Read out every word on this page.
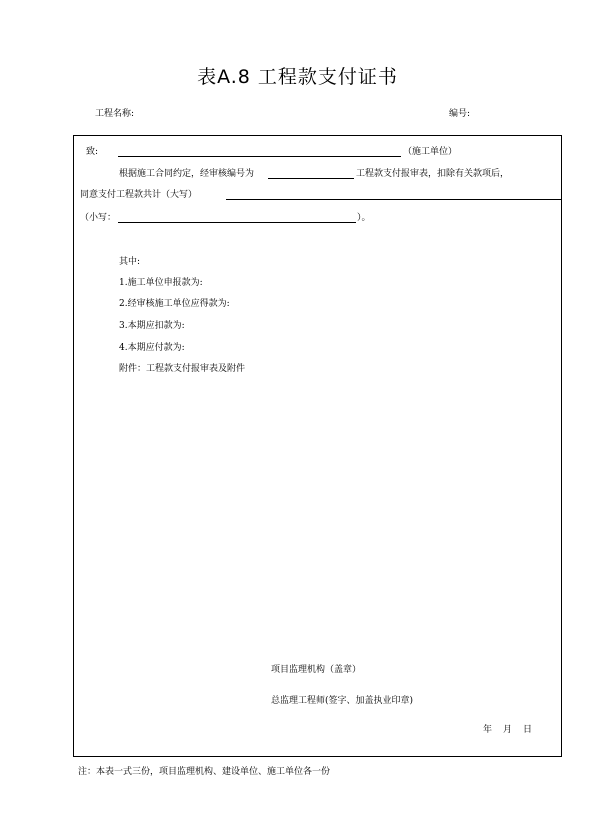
表A.8 工程款支付证书
工程名称:	编号:
致:	（施工单位）
根据施工合同约定，经审核编号为	工程款支付报审表，扣除有关款项后，
同意支付工程款共计（大写）
（小写：	）。
其中:
1.施工单位申报款为:
2.经审核施工单位应得款为:
3.本期应扣款为:
4.本期应付款为:
附件：工程款支付报审表及附件
项目监理机构（盖章）
总监理工程师(签字、加盖执业印章)
年 月 日
注：本表一式三份，项目监理机构、建设单位、施工单位各一份
